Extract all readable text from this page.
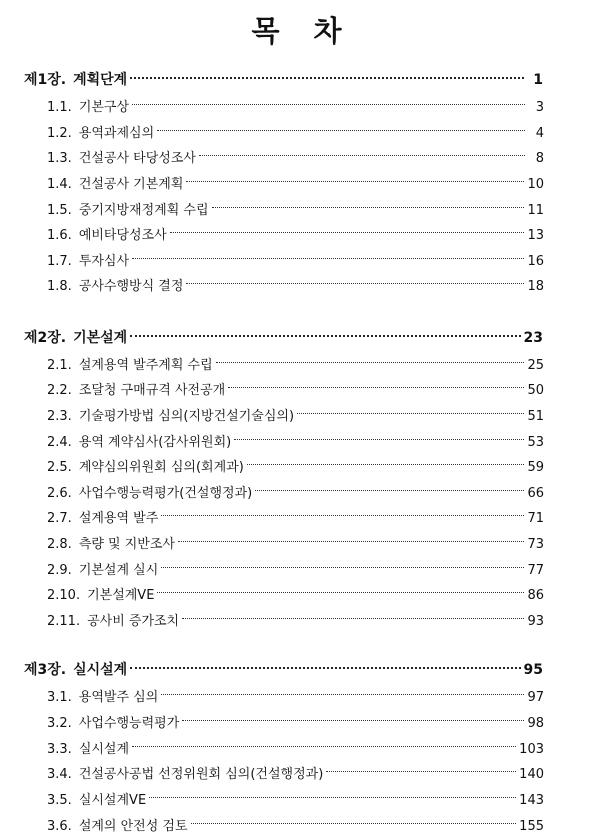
목 차
제1장. 계획단계	1
1.1. 기본구상	3
1.2. 용역과제심의	4
1.3. 건설공사 타당성조사	8
1.4. 건설공사 기본계획	10
1.5. 중기지방재정계획 수립	11
1.6. 예비타당성조사	13
1.7. 투자심사	16
1.8. 공사수행방식 결정	18
제2장. 기본설계	23
2.1. 설계용역 발주계획 수립	25
2.2. 조달청 구매규격 사전공개	50
2.3. 기술평가방법 심의(지방건설기술심의)	51
2.4. 용역 계약심사(감사위원회)	53
2.5. 계약심의위원회 심의(회계과)	59
2.6. 사업수행능력평가(건설행정과)	66
2.7. 설계용역 발주	71
2.8. 측량 및 지반조사	73
2.9. 기본설계 실시	77
2.10. 기본설계VE	86
2.11. 공사비 증가조치	93
제3장. 실시설계	95
3.1. 용역발주 심의	97
3.2. 사업수행능력평가	98
3.3. 실시설계	103
3.4. 건설공사공법 선정위원회 심의(건설행정과)	140
3.5. 실시설계VE	143
3.6. 설계의 안전성 검토	155
